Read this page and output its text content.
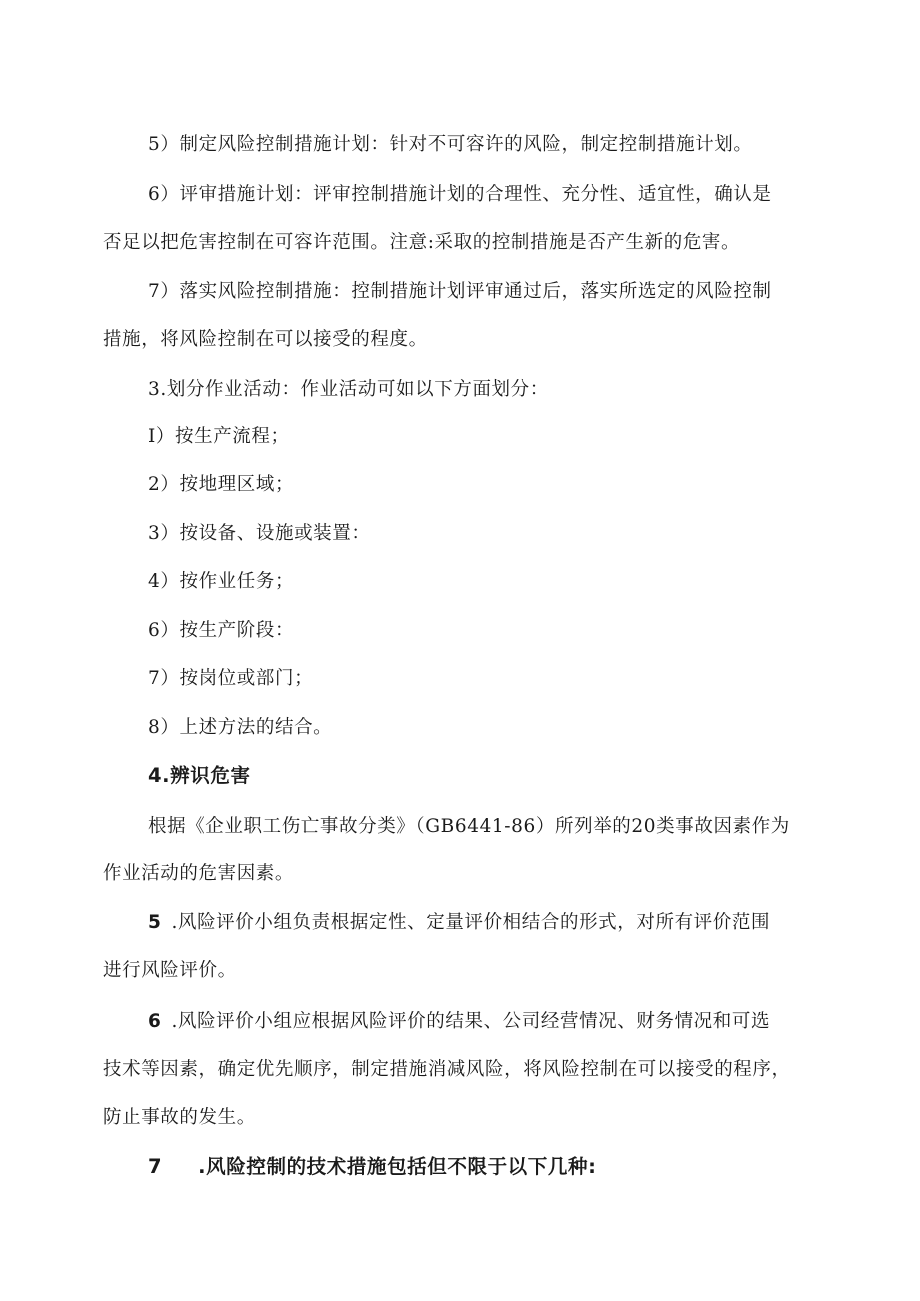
5）制定风险控制措施计划：针对不可容许的风险，制定控制措施计划。
6）评审措施计划：评审控制措施计划的合理性、充分性、适宜性，确认是
否足以把危害控制在可容许范围。注意:采取的控制措施是否产生新的危害。
7）落实风险控制措施：控制措施计划评审通过后，落实所选定的风险控制
措施，将风险控制在可以接受的程度。
3.划分作业活动：作业活动可如以下方面划分：
I）按生产流程；
2）按地理区域；
3）按设备、设施或装置：
4）按作业任务；
6）按生产阶段：
7）按岗位或部门；
8）上述方法的结合。
4.辨识危害
根据《企业职工伤亡事故分类》（GB6441-86）所列举的20类事故因素作为
作业活动的危害因素。
5 .风险评价小组负责根据定性、定量评价相结合的形式，对所有评价范围
进行风险评价。
6 .风险评价小组应根据风险评价的结果、公司经营情况、财务情况和可选
技术等因素，确定优先顺序，制定措施消减风险，将风险控制在可以接受的程序，
防止事故的发生。
7 .风险控制的技术措施包括但不限于以下几种:
